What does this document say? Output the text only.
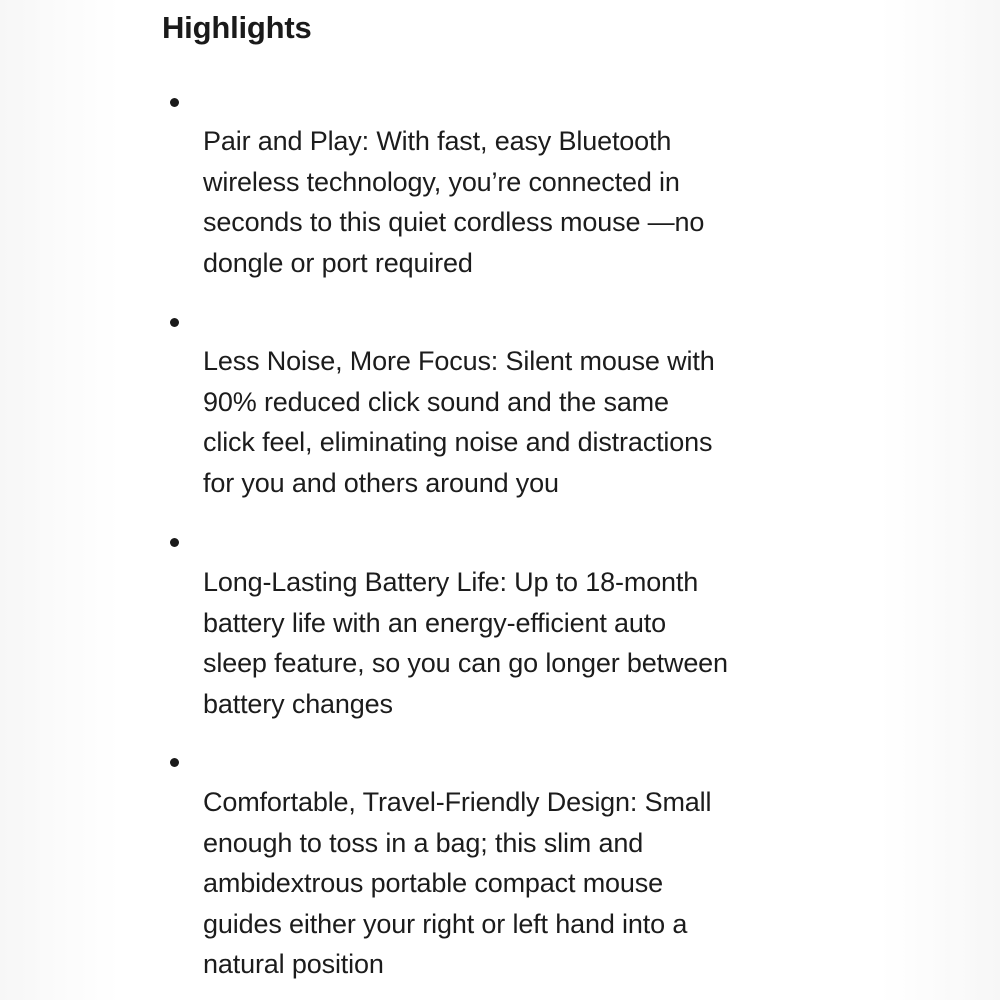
Highlights

Pair and Play: With fast, easy Bluetooth
wireless technology, you’re connected in
seconds to this quiet cordless mouse —no
dongle or port required

Less Noise, More Focus: Silent mouse with
90% reduced click sound and the same
click feel, eliminating noise and distractions
for you and others around you

Long-Lasting Battery Life: Up to 18-month
battery life with an energy-efficient auto
sleep feature, so you can go longer between
battery changes

Comfortable, Travel-Friendly Design: Small
enough to toss in a bag; this slim and
ambidextrous portable compact mouse
guides either your right or left hand into a
natural position
